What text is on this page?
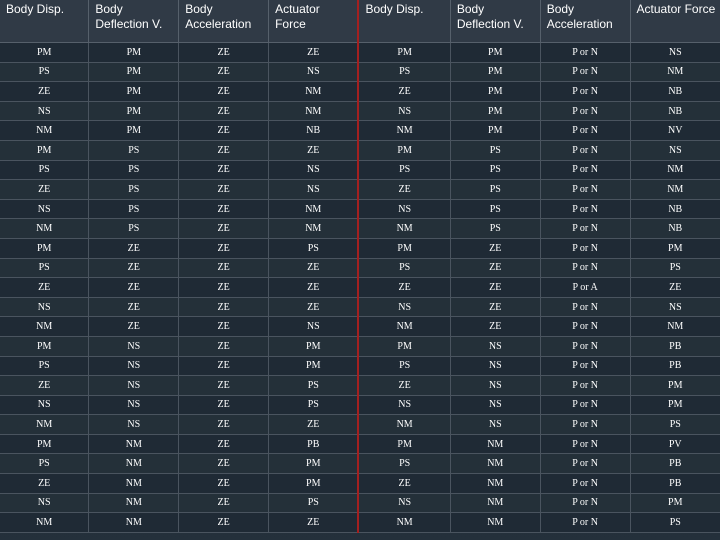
Body Disp.	Body Deflection V.	Body Acceleration	Actuator Force	Body Disp.	Body Deflection V.	Body Acceleration	Actuator Force
PM	PM	ZE	ZE	PM	PM	P or N	NS
PS	PM	ZE	NS	PS	PM	P or N	NM
ZE	PM	ZE	NM	ZE	PM	P or N	NB
NS	PM	ZE	NM	NS	PM	P or N	NB
NM	PM	ZE	NB	NM	PM	P or N	NV
PM	PS	ZE	ZE	PM	PS	P or N	NS
PS	PS	ZE	NS	PS	PS	P or N	NM
ZE	PS	ZE	NS	ZE	PS	P or N	NM
NS	PS	ZE	NM	NS	PS	P or N	NB
NM	PS	ZE	NM	NM	PS	P or N	NB
PM	ZE	ZE	PS	PM	ZE	P or N	PM
PS	ZE	ZE	ZE	PS	ZE	P or N	PS
ZE	ZE	ZE	ZE	ZE	ZE	P or A	ZE
NS	ZE	ZE	ZE	NS	ZE	P or N	NS
NM	ZE	ZE	NS	NM	ZE	P or N	NM
PM	NS	ZE	PM	PM	NS	P or N	PB
PS	NS	ZE	PM	PS	NS	P or N	PB
ZE	NS	ZE	PS	ZE	NS	P or N	PM
NS	NS	ZE	PS	NS	NS	P or N	PM
NM	NS	ZE	ZE	NM	NS	P or N	PS
PM	NM	ZE	PB	PM	NM	P or N	PV
PS	NM	ZE	PM	PS	NM	P or N	PB
ZE	NM	ZE	PM	ZE	NM	P or N	PB
NS	NM	ZE	PS	NS	NM	P or N	PM
NM	NM	ZE	ZE	NM	NM	P or N	PS
